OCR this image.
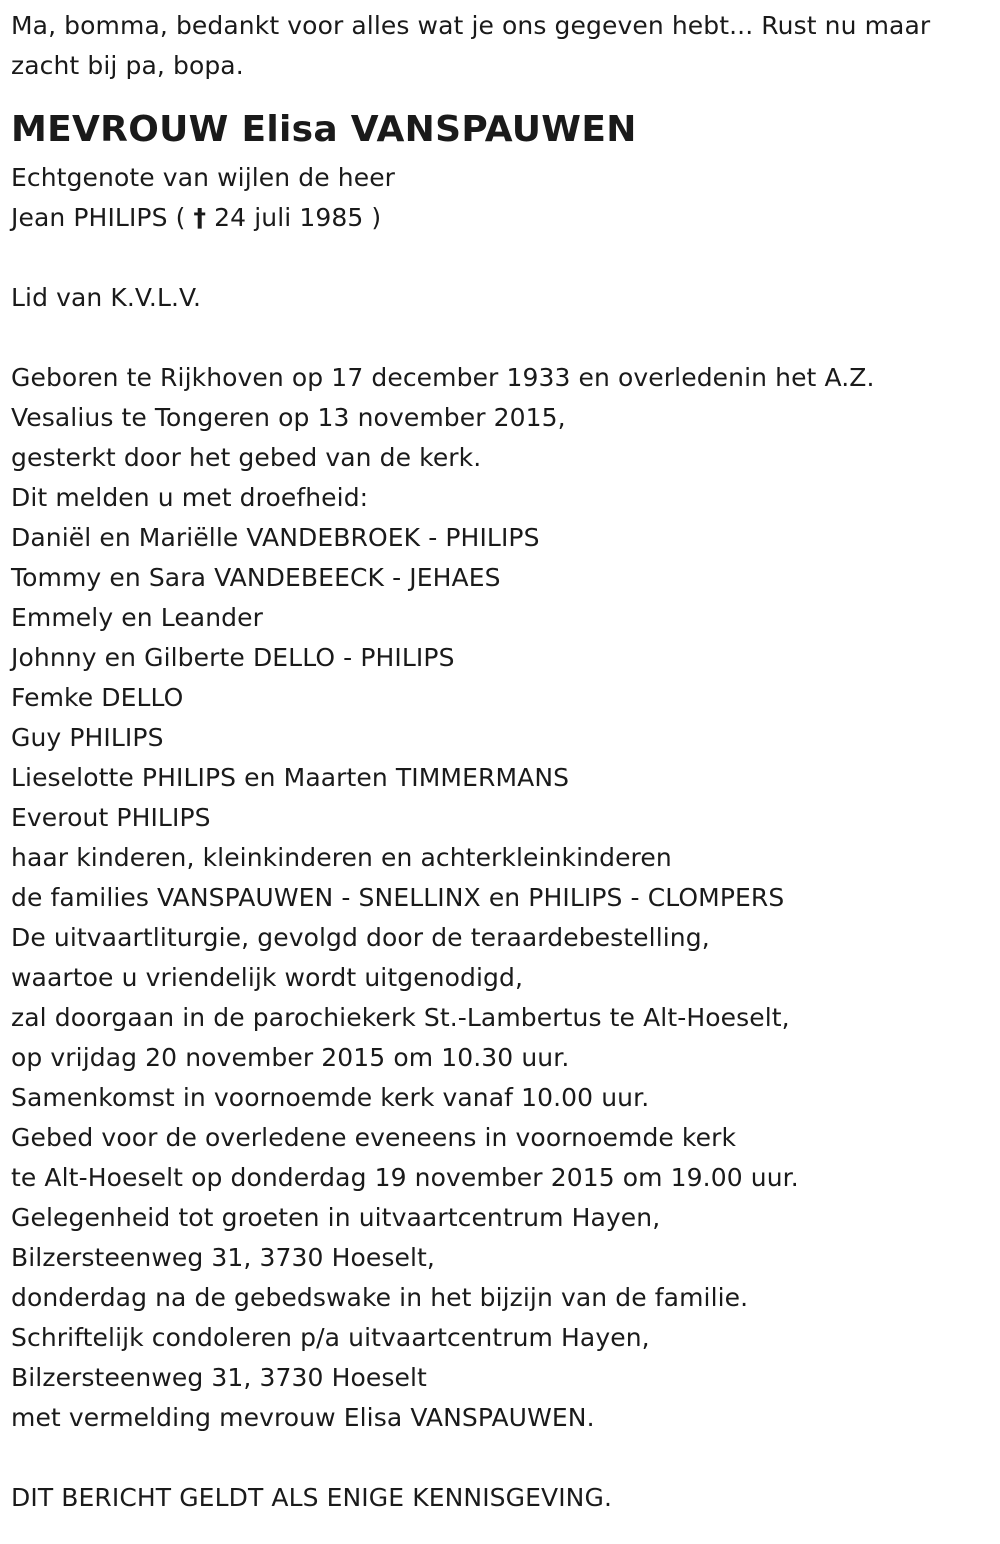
Ma, bomma, bedankt voor alles wat je ons gegeven hebt... Rust nu maar
zacht bij pa, bopa.
MEVROUW Elisa VANSPAUWEN
Echtgenote van wijlen de heer
Jean PHILIPS ( † 24 juli 1985 )
Lid van K.V.L.V.
Geboren te Rijkhoven op 17 december 1933 en overledenin het A.Z.
Vesalius te Tongeren op 13 november 2015,
gesterkt door het gebed van de kerk.
Dit melden u met droefheid:
Daniël en Mariëlle VANDEBROEK - PHILIPS
Tommy en Sara VANDEBEECK - JEHAES
Emmely en Leander
Johnny en Gilberte DELLO - PHILIPS
Femke DELLO
Guy PHILIPS
Lieselotte PHILIPS en Maarten TIMMERMANS
Everout PHILIPS
haar kinderen, kleinkinderen en achterkleinkinderen
de families VANSPAUWEN - SNELLINX en PHILIPS - CLOMPERS
De uitvaartliturgie, gevolgd door de teraardebestelling,
waartoe u vriendelijk wordt uitgenodigd,
zal doorgaan in de parochiekerk St.-Lambertus te Alt-Hoeselt,
op vrijdag 20 november 2015 om 10.30 uur.
Samenkomst in voornoemde kerk vanaf 10.00 uur.
Gebed voor de overledene eveneens in voornoemde kerk
te Alt-Hoeselt op donderdag 19 november 2015 om 19.00 uur.
Gelegenheid tot groeten in uitvaartcentrum Hayen,
Bilzersteenweg 31, 3730 Hoeselt,
donderdag na de gebedswake in het bijzijn van de familie.
Schriftelijk condoleren p/a uitvaartcentrum Hayen,
Bilzersteenweg 31, 3730 Hoeselt
met vermelding mevrouw Elisa VANSPAUWEN.
DIT BERICHT GELDT ALS ENIGE KENNISGEVING.
